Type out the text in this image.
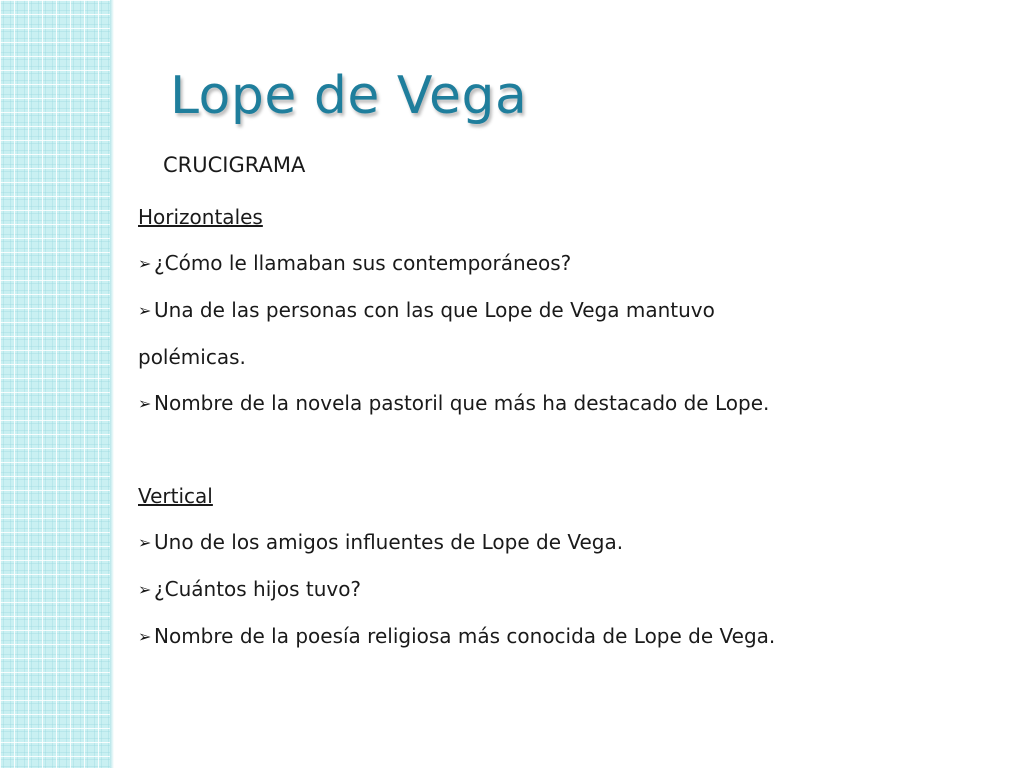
Lope de Vega
CRUCIGRAMA
Horizontales
➢ ¿Cómo le llamaban sus contemporáneos?
➢ Una de las personas con las que Lope de Vega mantuvo
polémicas.
➢ Nombre de la novela pastoril que más ha destacado de Lope.
Vertical
➢ Uno de los amigos influentes de Lope de Vega.
➢ ¿Cuántos hijos tuvo?
➢ Nombre de la poesía religiosa más conocida de Lope de Vega.
